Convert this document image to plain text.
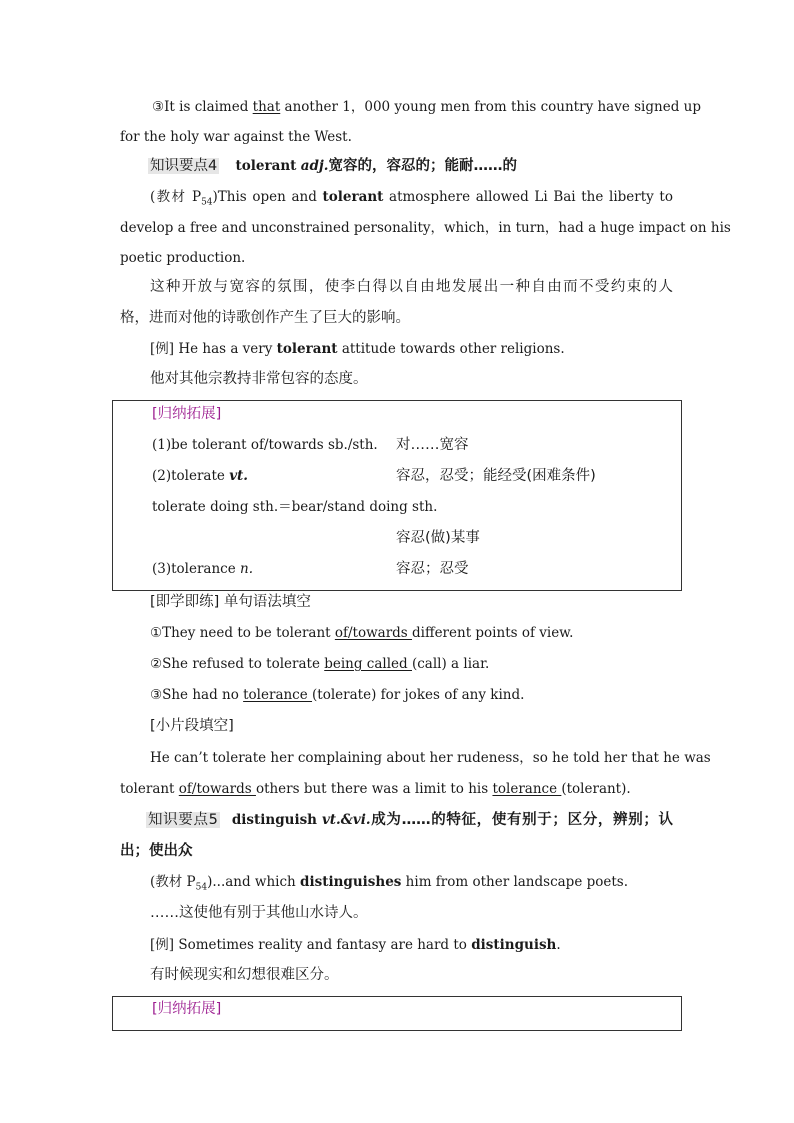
③It is claimed that another 1，000 young men from this country have signed up
for the holy war against the West.
知识要点4 tolerant adj.宽容的，容忍的；能耐……的
(教材 $P_{54})This$ open and tolerant atmosphere allowed Li Bai the liberty to
develop a free and unconstrained personality，which，in turn，had a huge impact on his
poetic production.
这种开放与宽容的氛围，使李白得以自由地发展出一种自由而不受约束的人
格，进而对他的诗歌创作产生了巨大的影响。
[例] He has a very tolerant attitude towards other religions.
他对其他宗教持非常包容的态度。
[归纳拓展]
(1)be tolerant of/towards sb./sth. 对……宽容
(2)tolerate vt.	容忍，忍受；能经受(困难条件)
tolerate doing sth.＝bear/stand doing sth.
容忍(做)某事
(3)tolerance n.	容忍；忍受
[即学即练] 单句语法填空
①They need to be tolerant of/towards different points of view.
②She refused to tolerate being called (call) a liar.
③She had no tolerance (tolerate) for jokes of any kind.
[小片段填空]
He can’t tolerate her complaining about her rudeness，so he told her that he was
tolerant of/towards others but there was a limit to his tolerance (tolerant).
知识要点5 distinguish vt.&vi.成为……的特征，使有别于；区分，辨别；认
出；使出众
(教材 $P_{54})...and$ which distinguishes him from other landscape poets.
……这使他有别于其他山水诗人。
[例] Sometimes reality and fantasy are hard to distinguish.
有时候现实和幻想很难区分。
[归纳拓展]
